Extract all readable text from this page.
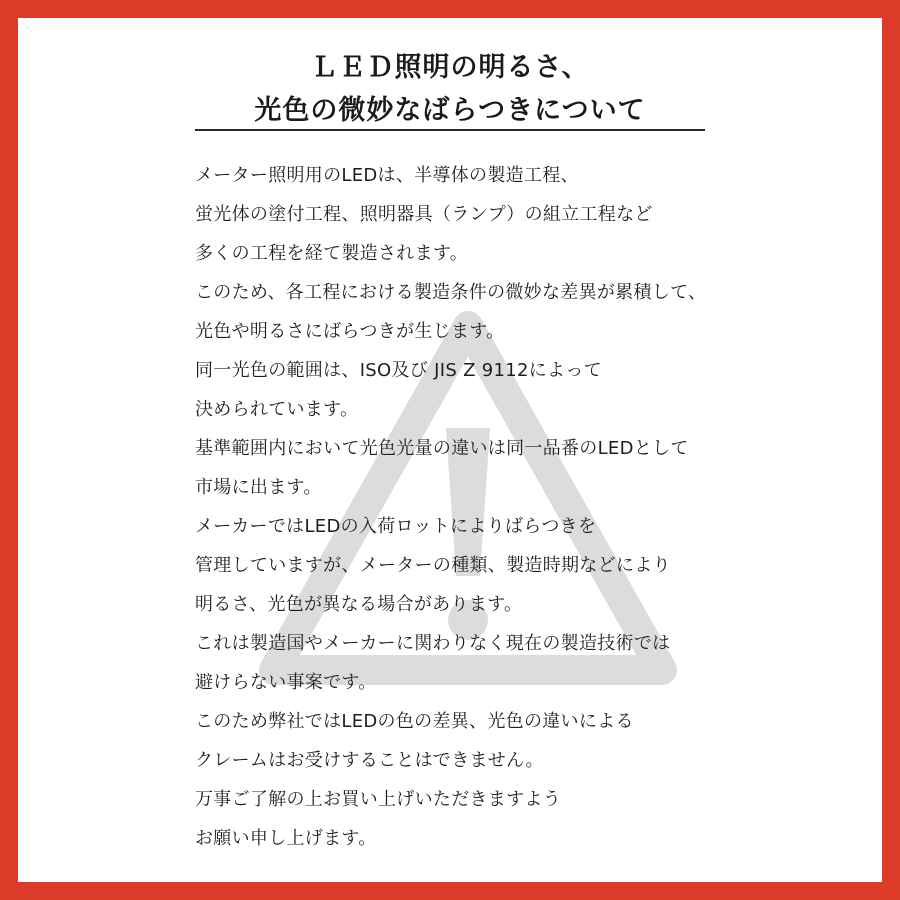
ＬＥＤ照明の明るさ、
光色の微妙なばらつきについて
メーター照明用のLEDは、半導体の製造工程、
蛍光体の塗付工程、照明器具（ランプ）の組立工程など
多くの工程を経て製造されます。
このため、各工程における製造条件の微妙な差異が累積して、
光色や明るさにばらつきが生じます。
同一光色の範囲は、ISO及び JIS Z 9112によって
決められています。
基準範囲内において光色光量の違いは同一品番のLEDとして
市場に出ます。
メーカーではLEDの入荷ロットによりばらつきを
管理していますが、メーターの種類、製造時期などにより
明るさ、光色が異なる場合があります。
これは製造国やメーカーに関わりなく現在の製造技術では
避けらない事案です。
このため弊社ではLEDの色の差異、光色の違いによる
クレームはお受けすることはできません。
万事ご了解の上お買い上げいただきますよう
お願い申し上げます。
